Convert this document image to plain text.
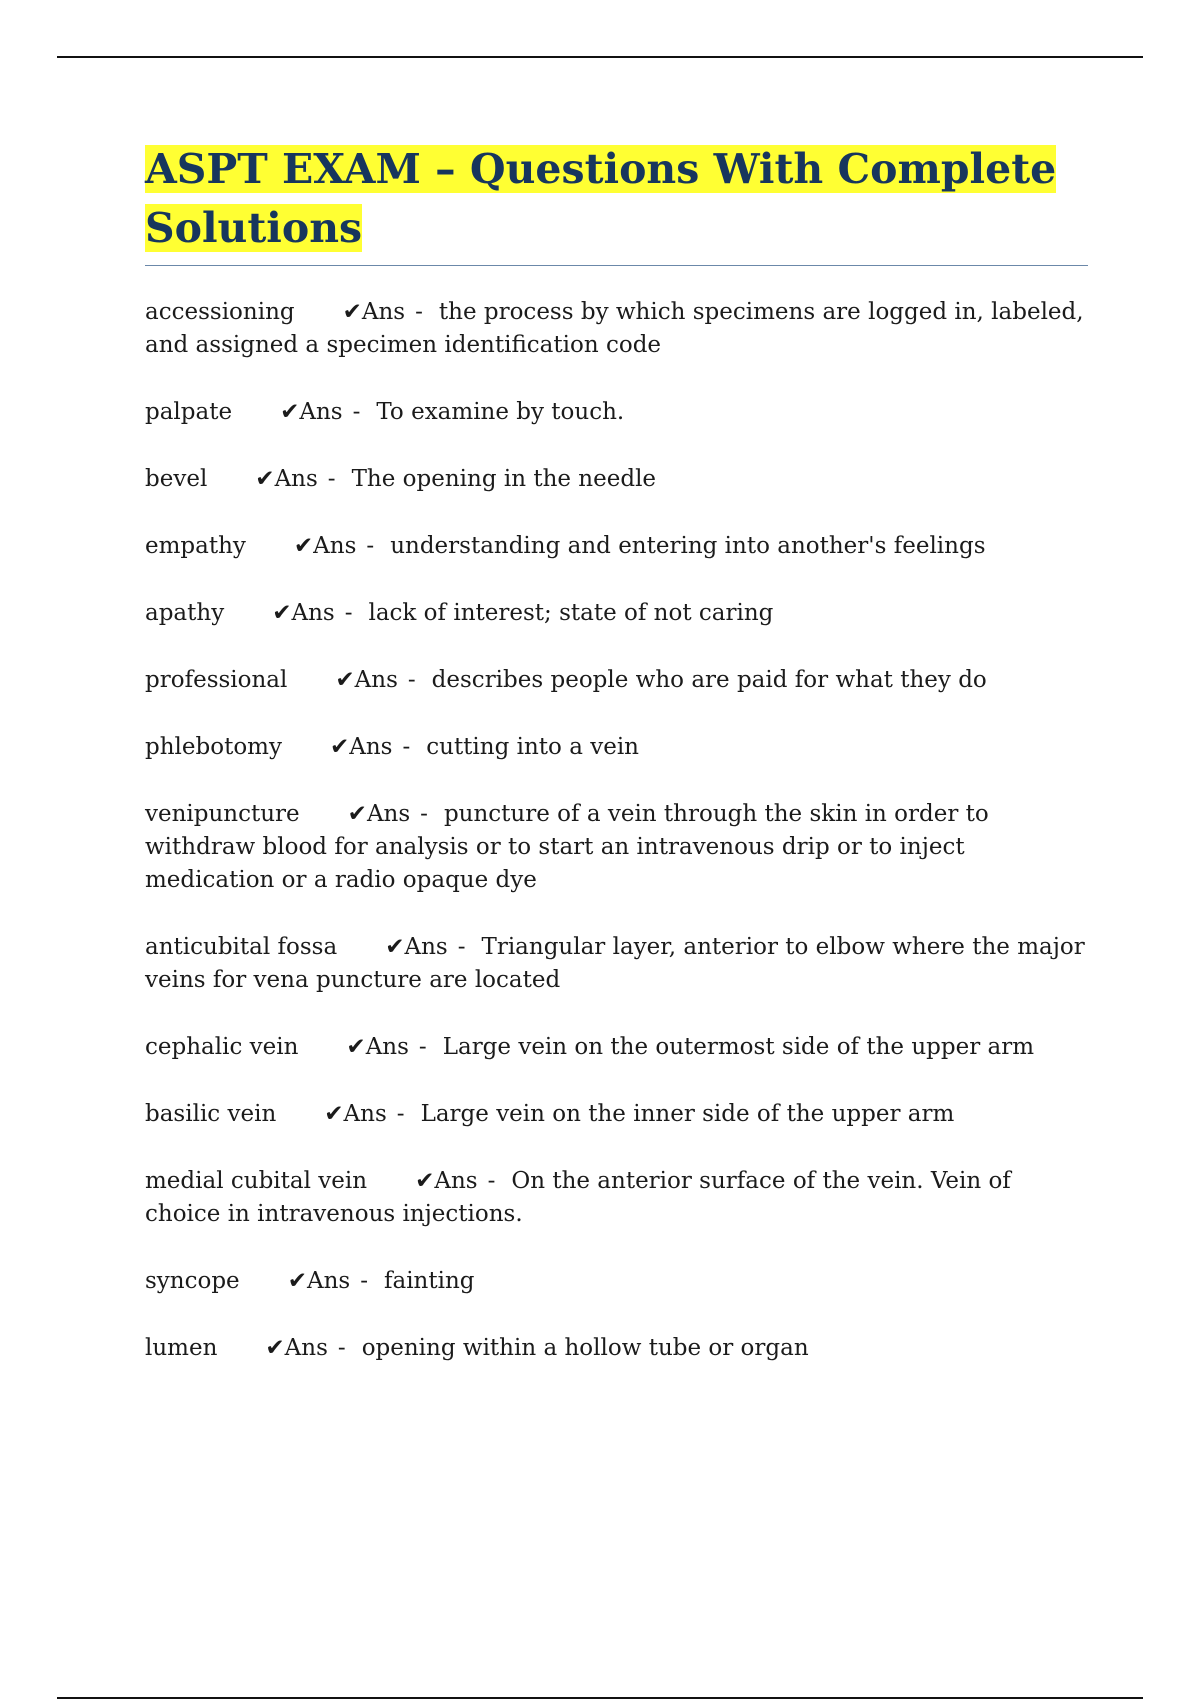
ASPT EXAM – Questions With Complete Solutions

accessioning ✔Ans - the process by which specimens are logged in, labeled, and assigned a specimen identification code

palpate ✔Ans - To examine by touch.

bevel ✔Ans - The opening in the needle

empathy ✔Ans - understanding and entering into another's feelings

apathy ✔Ans - lack of interest; state of not caring

professional ✔Ans - describes people who are paid for what they do

phlebotomy ✔Ans - cutting into a vein

venipuncture ✔Ans - puncture of a vein through the skin in order to withdraw blood for analysis or to start an intravenous drip or to inject medication or a radio opaque dye

anticubital fossa ✔Ans - Triangular layer, anterior to elbow where the major veins for vena puncture are located

cephalic vein ✔Ans - Large vein on the outermost side of the upper arm

basilic vein ✔Ans - Large vein on the inner side of the upper arm

medial cubital vein ✔Ans - On the anterior surface of the vein. Vein of choice in intravenous injections.

syncope ✔Ans - fainting

lumen ✔Ans - opening within a hollow tube or organ
